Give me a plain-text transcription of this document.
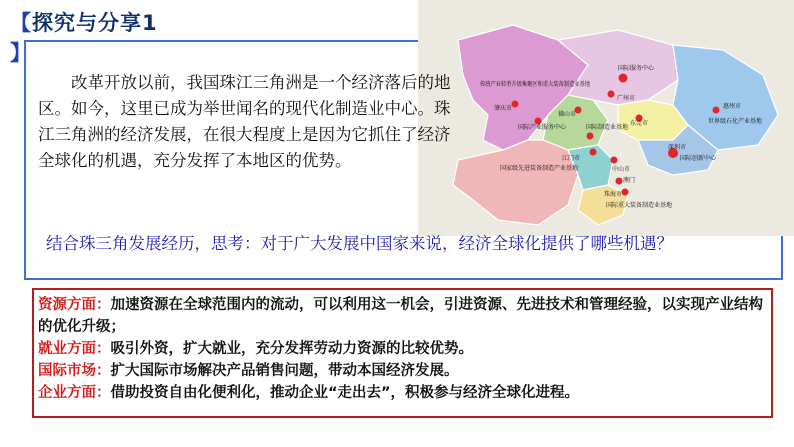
【探究与分享1
】
传统产业转型升级集聚区和重大装备制造业基地
肇庆市
国际服务中心
广州市
佛山市
东莞市
惠州市
世界级石化产业基地
国际产业服务中心	国际制造业基地
江门市
中山市
深圳市
国家级先进装备制造产业基地
国际创新中心
澳门
珠海市
国际重大装备制造业基地
改革开放以前，我国珠江三角洲是一个经济落后的地区。如今，这里已成为举世闻名的现代化制造业中心。珠江三角洲的经济发展，在很大程度上是因为它抓住了经济全球化的机遇，充分发挥了本地区的优势。
结合珠三角发展经历，思考：对于广大发展中国家来说，经济全球化提供了哪些机遇？

资源方面：加速资源在全球范围内的流动，可以利用这一机会，引进资源、先进技术和管理经验，以实现产业结构的优化升级；

就业方面：吸引外资，扩大就业，充分发挥劳动力资源的比较优势。

国际市场：扩大国际市场解决产品销售问题，带动本国经济发展。

企业方面：借助投资自由化便利化，推动企业“走出去”，积极参与经济全球化进程。
